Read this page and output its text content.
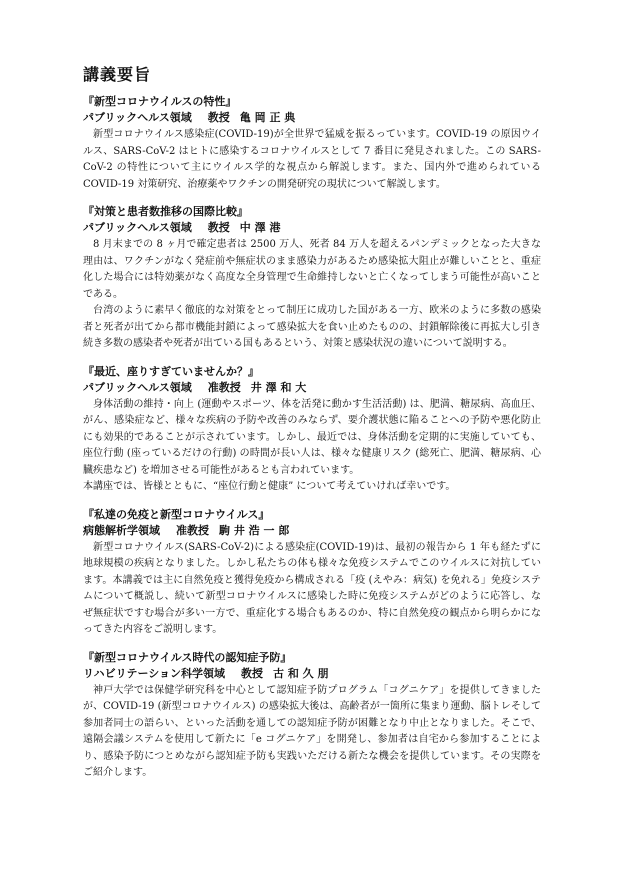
講義要旨

『新型コロナウイルスの特性』

パブリックヘルス領域 教授 亀 岡 正 典

新型コロナウイルス感染症(COVID-19)が全世界で猛威を振るっています。COVID-19 の原因ウイルス、SARS-CoV-2 はヒトに感染するコロナウイルスとして 7 番目に発見されました。この SARS-CoV-2 の特性について主にウイルス学的な視点から解説します。また、国内外で進められている COVID-19 対策研究、治療薬やワクチンの開発研究の現状について解説します。

『対策と患者数推移の国際比較』

パブリックヘルス領域 教授 中 澤 港

8 月末までの 8 ヶ月で確定患者は 2500 万人、死者 84 万人を超えるパンデミックとなった大きな理由は、ワクチンがなく発症前や無症状のまま感染力があるため感染拡大阻止が難しいことと、重症化した場合には特効薬がなく高度な全身管理で生命維持しないと亡くなってしまう可能性が高いことである。

台湾のように素早く徹底的な対策をとって制圧に成功した国がある一方、欧米のように多数の感染者と死者が出てから都市機能封鎖によって感染拡大を食い止めたものの、封鎖解除後に再拡大し引き続き多数の感染者や死者が出ている国もあるという、対策と感染状況の違いについて説明する。

『最近、座りすぎていませんか？』

パブリックヘルス領域 准教授 井 澤 和 大

身体活動の維持・向上 (運動やスポーツ、体を活発に動かす生活活動) は、肥満、糖尿病、高血圧、がん、感染症など、様々な疾病の予防や改善のみならず、要介護状態に陥ることへの予防や悪化防止にも効果的であることが示されています。しかし、最近では、身体活動を定期的に実施していても、座位行動 (座っているだけの行動) の時間が長い人は、様々な健康リスク (総死亡、肥満、糖尿病、心臓疾患など) を増加させる可能性があるとも言われています。

本講座では、皆様とともに、“座位行動と健康” について考えていければ幸いです。

『私達の免疫と新型コロナウイルス』

病態解析学領域 准教授 駒 井 浩 一 郎

新型コロナウイルス(SARS-CoV-2)による感染症(COVID-19)は、最初の報告から 1 年も経たずに地球規模の疾病となりました。しかし私たちの体も様々な免疫システムでこのウイルスに対抗しています。本講義では主に自然免疫と獲得免疫から構成される「疫 (えやみ：病気) を免れる」免疫システムについて概説し、続いて新型コロナウイルスに感染した時に免疫システムがどのように応答し、なぜ無症状ですむ場合が多い一方で、重症化する場合もあるのか、特に自然免疫の観点から明らかになってきた内容をご説明します。

『新型コロナウイルス時代の認知症予防』

リハビリテーション科学領域 教授 古 和 久 朋

神戸大学では保健学研究科を中心として認知症予防プログラム「コグニケア」を提供してきましたが、COVID-19 (新型コロナウイルス) の感染拡大後は、高齢者が一箇所に集まり運動、脳トレそして参加者同士の語らい、といった活動を通しての認知症予防が困難となり中止となりました。そこで、遠隔会議システムを使用して新たに「e コグニケア」を開発し、参加者は自宅から参加することにより、感染予防につとめながら認知症予防も実践いただける新たな機会を提供しています。その実際をご紹介します。
